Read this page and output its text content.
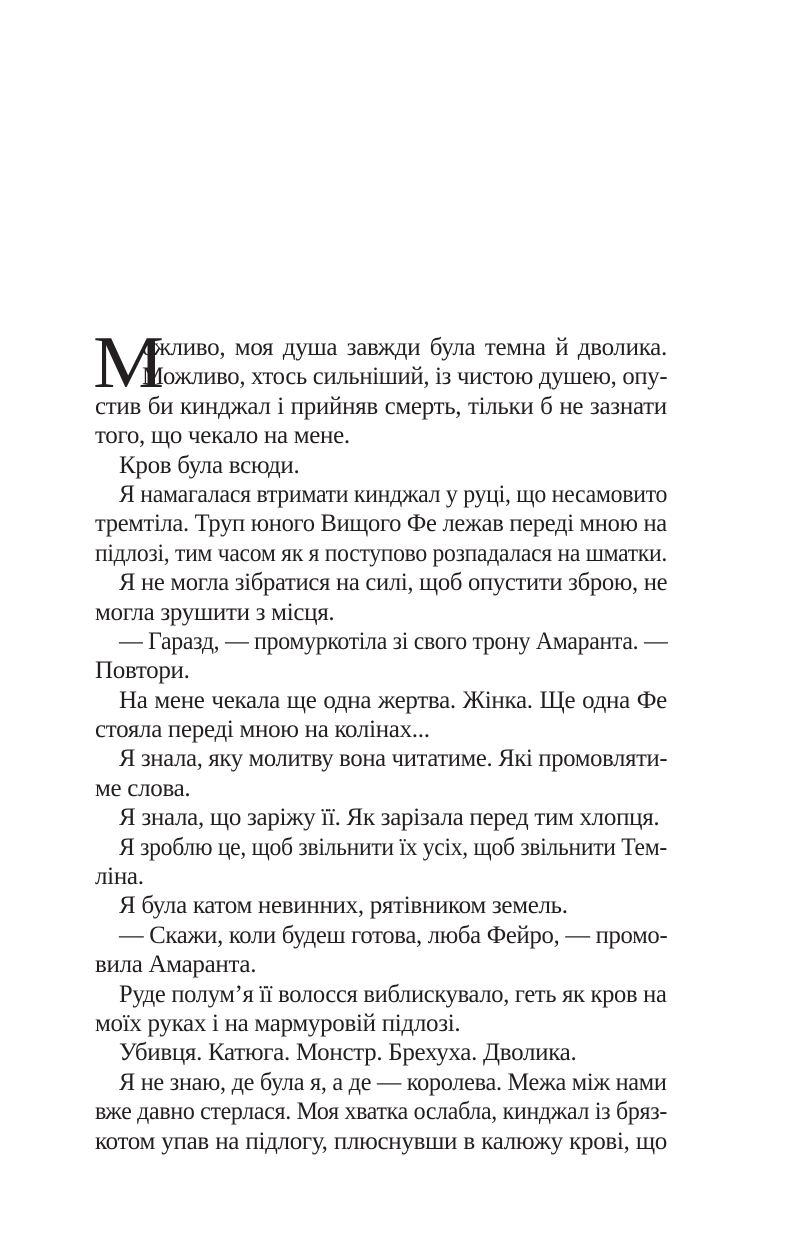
М
ожливо, моя душа завжди була темна й дволика.
Можливо, хтось сильніший, із чистою душею, опу-
стив би кинджал і прийняв смерть, тільки б не зазнати
того, що чекало на мене.
Кров була всюди.
Я намагалася втримати кинджал у руці, що несамовито
тремтіла. Труп юного Вищого Фе лежав переді мною на
підлозі, тим часом як я поступово розпадалася на шматки.
Я не могла зібратися на силі, щоб опустити зброю, не
могла зрушити з місця.
— Гаразд, — промуркотіла зі свого трону Амаранта. —
Повтори.
На мене чекала ще одна жертва. Жінка. Ще одна Фе
стояла переді мною на колінах...
Я знала, яку молитву вона читатиме. Які промовляти-
ме слова.
Я знала, що заріжу її. Як зарізала перед тим хлопця.
Я зроблю це, щоб звільнити їх усіх, щоб звільнити Тем-
ліна.
Я була катом невинних, рятівником земель.
— Скажи, коли будеш готова, люба Фейро, — промо-
вила Амаранта.
Руде полум’я її волосся виблискувало, геть як кров на
моїх руках і на мармуровій підлозі.
Убивця. Катюга. Монстр. Брехуха. Дволика.
Я не знаю, де була я, а де — королева. Межа між нами
вже давно стерлася. Моя хватка ослабла, кинджал із бряз-
котом упав на підлогу, плюснувши в калюжу крові, що
